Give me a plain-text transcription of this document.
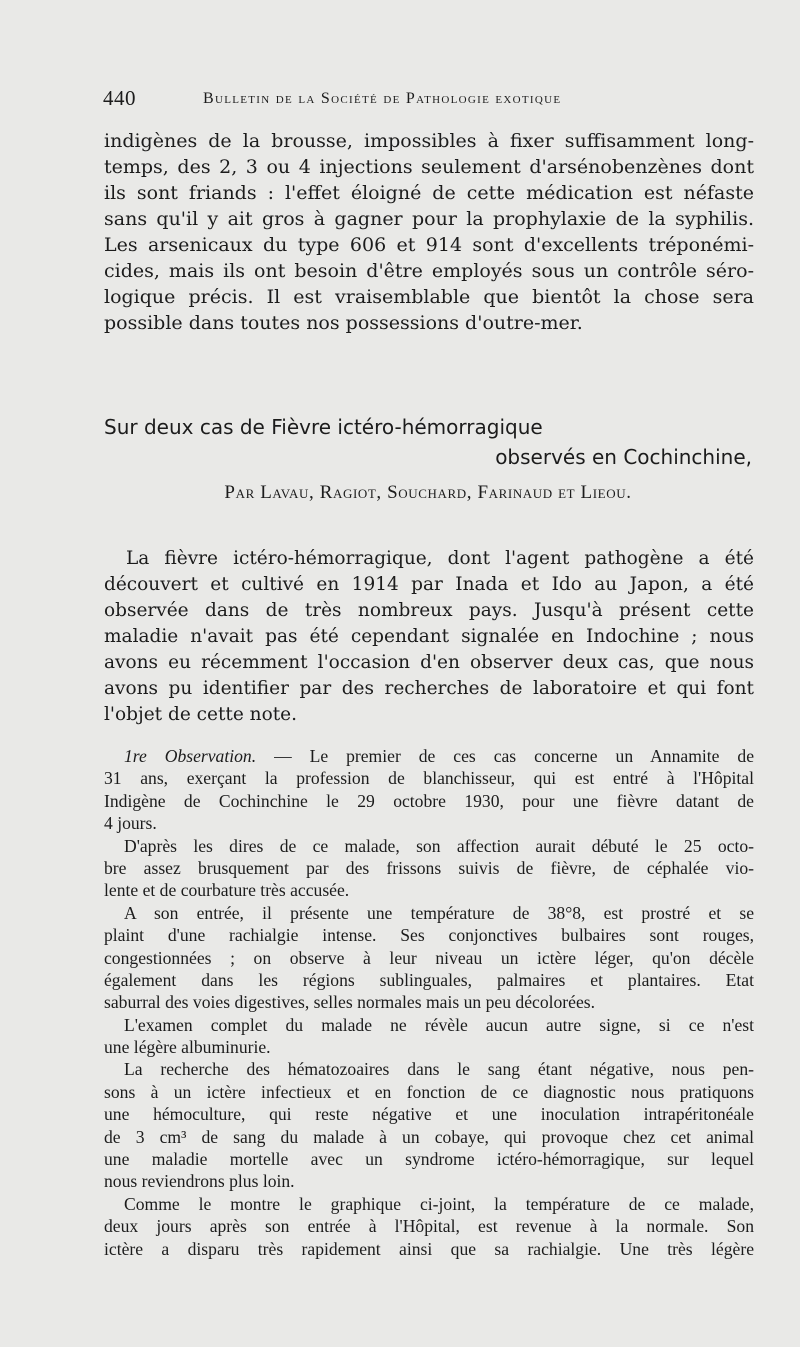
440	Bulletin de la Société de Pathologie exotique
indigènes de la brousse, impossibles à fixer suffisamment long-
temps, des 2, 3 ou 4 injections seulement d'arsénobenzènes dont
ils sont friands : l'effet éloigné de cette médication est néfaste
sans qu'il y ait gros à gagner pour la prophylaxie de la syphilis.
Les arsenicaux du type 606 et 914 sont d'excellents tréponémi-
cides, mais ils ont besoin d'être employés sous un contrôle séro-
logique précis. Il est vraisemblable que bientôt la chose sera
possible dans toutes nos possessions d'outre-mer.
Sur deux cas de Fièvre ictéro-hémorragique
observés en Cochinchine,
Par Lavau, Ragiot, Souchard, Farinaud et Lieou.
La fièvre ictéro-hémorragique, dont l'agent pathogène a été
découvert et cultivé en 1914 par Inada et Ido au Japon, a été
observée dans de très nombreux pays. Jusqu'à présent cette
maladie n'avait pas été cependant signalée en Indochine ; nous
avons eu récemment l'occasion d'en observer deux cas, que nous
avons pu identifier par des recherches de laboratoire et qui font
l'objet de cette note.
1re Observation. — Le premier de ces cas concerne un Annamite de
31 ans, exerçant la profession de blanchisseur, qui est entré à l'Hôpital
Indigène de Cochinchine le 29 octobre 1930, pour une fièvre datant de
4 jours.
D'après les dires de ce malade, son affection aurait débuté le 25 octo-
bre assez brusquement par des frissons suivis de fièvre, de céphalée vio-
lente et de courbature très accusée.
A son entrée, il présente une température de 38°8, est prostré et se
plaint d'une rachialgie intense. Ses conjonctives bulbaires sont rouges,
congestionnées ; on observe à leur niveau un ictère léger, qu'on décèle
également dans les régions sublinguales, palmaires et plantaires. Etat
saburral des voies digestives, selles normales mais un peu décolorées.
L'examen complet du malade ne révèle aucun autre signe, si ce n'est
une légère albuminurie.
La recherche des hématozoaires dans le sang étant négative, nous pen-
sons à un ictère infectieux et en fonction de ce diagnostic nous pratiquons
une hémoculture, qui reste négative et une inoculation intrapéritonéale
de 3 cm³ de sang du malade à un cobaye, qui provoque chez cet animal
une maladie mortelle avec un syndrome ictéro-hémorragique, sur lequel
nous reviendrons plus loin.
Comme le montre le graphique ci-joint, la température de ce malade,
deux jours après son entrée à l'Hôpital, est revenue à la normale. Son
ictère a disparu très rapidement ainsi que sa rachialgie. Une très légère
